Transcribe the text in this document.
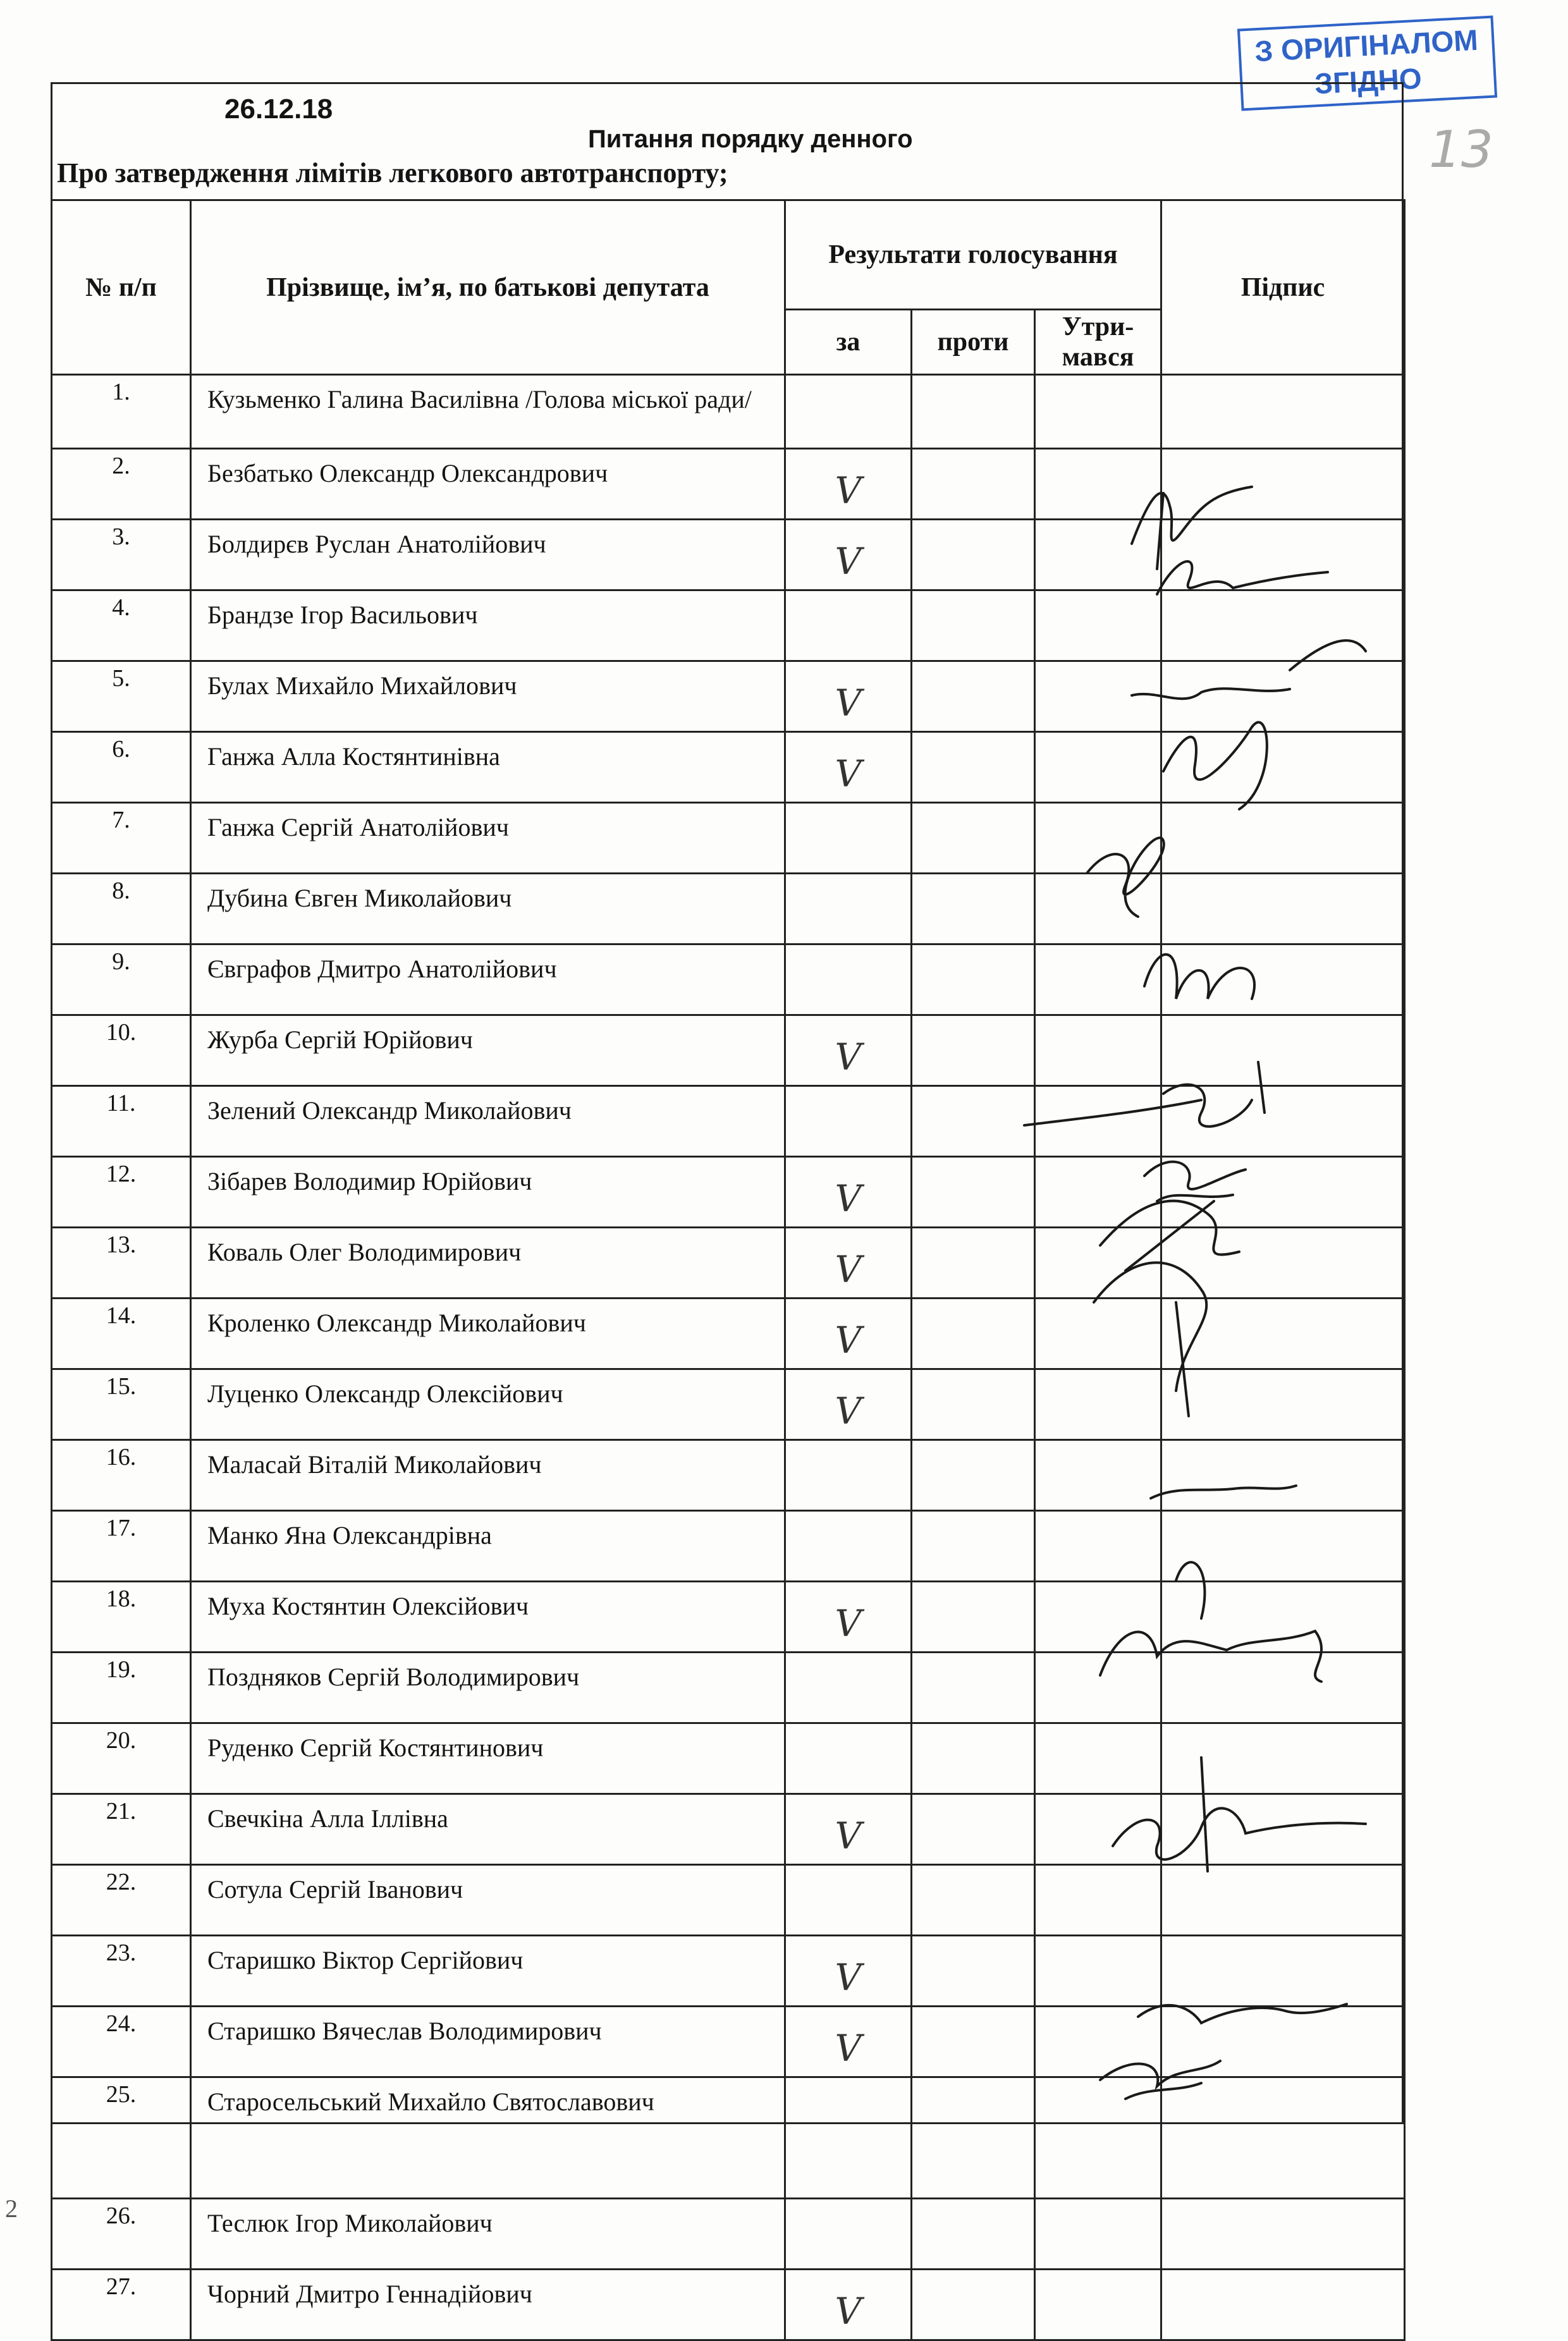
З ОРИГІНАЛОМ
ЗГІДНО
13
26.12.18
Питання порядку денного
Про затвердження лімітів легкового автотранспорту;
№ п/п	Прізвище, ім’я, по батькові депутата	Результати голосування			Підпис
		за	проти	Утри-мався	
1.	Кузьменко Галина Василівна /Голова міської ради/				
2.	Безбатько Олександр Олександрович	V			
3.	Болдирєв Руслан Анатолійович	V			
4.	Брандзе Ігор Васильович				
5.	Булах Михайло Михайлович	V			
6.	Ганжа Алла Костянтинівна	V			
7.	Ганжа Сергій Анатолійович				
8.	Дубина Євген Миколайович				
9.	Євграфов Дмитро Анатолійович				
10.	Журба Сергій Юрійович	V			
11.	Зелений Олександр Миколайович				
12.	Зібарев Володимир Юрійович	V			
13.	Коваль Олег Володимирович	V			
14.	Кроленко Олександр Миколайович	V			
15.	Луценко Олександр Олексійович	V			
16.	Маласай Віталій Миколайович				
17.	Манко Яна Олександрівна				
18.	Муха Костянтин Олексійович	V			
19.	Поздняков Сергій Володимирович				
20.	Руденко Сергій Костянтинович				
21.	Свечкіна Алла Іллівна	V			
22.	Сотула Сергій Іванович				
23.	Старишко Віктор Сергійович	V			
24.	Старишко Вячеслав Володимирович	V			
25.	Старосельський Михайло Святославович				
26.	Теслюк Ігор Миколайович				
27.	Чорний Дмитро Геннадійович	V			
2
